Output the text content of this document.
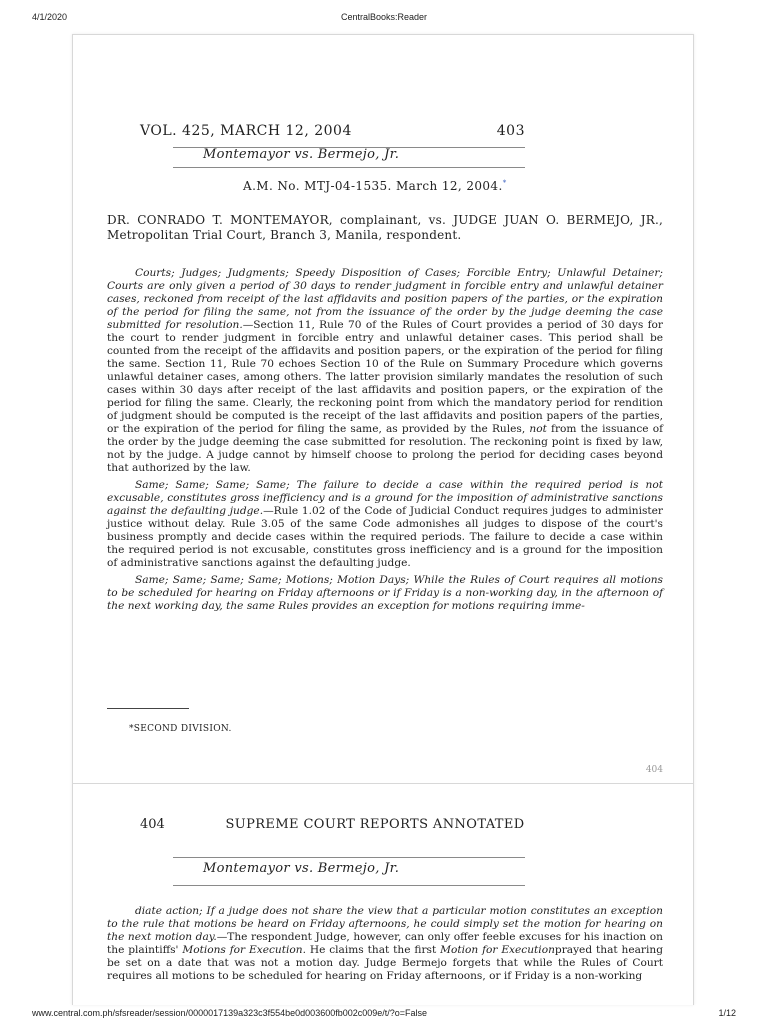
4/1/2020	CentralBooks:Reader
VOL. 425, MARCH 12, 2004	403
Montemayor vs. Bermejo, Jr.
A.M. No. MTJ-04-1535. March 12, 2004.*
DR. CONRADO T. MONTEMAYOR, complainant, vs. JUDGE JUAN O. BERMEJO, JR., Metropolitan Trial Court, Branch 3, Manila, respondent.

Courts; Judges; Judgments; Speedy Disposition of Cases; Forcible Entry; Unlawful Detainer; Courts are only given a period of 30 days to render judgment in forcible entry and unlawful detainer cases, reckoned from receipt of the last affidavits and position papers of the parties, or the expiration of the period for filing the same, not from the issuance of the order by the judge deeming the case submitted for resolution.—Section 11, Rule 70 of the Rules of Court provides a period of 30 days for the court to render judgment in forcible entry and unlawful detainer cases. This period shall be counted from the receipt of the affidavits and position papers, or the expiration of the period for filing the same. Section 11, Rule 70 echoes Section 10 of the Rule on Summary Procedure which governs unlawful detainer cases, among others. The latter provision similarly mandates the resolution of such cases within 30 days after receipt of the last affidavits and position papers, or the expiration of the period for filing the same. Clearly, the reckoning point from which the mandatory period for rendition of judgment should be computed is the receipt of the last affidavits and position papers of the parties, or the expiration of the period for filing the same, as provided by the Rules, not from the issuance of the order by the judge deeming the case submitted for resolution. The reckoning point is fixed by law, not by the judge. A judge cannot by himself choose to prolong the period for deciding cases beyond that authorized by the law.

Same; Same; Same; Same; The failure to decide a case within the required period is not excusable, constitutes gross inefficiency and is a ground for the imposition of administrative sanctions against the defaulting judge.—Rule 1.02 of the Code of Judicial Conduct requires judges to administer justice without delay. Rule 3.05 of the same Code admonishes all judges to dispose of the court's business promptly and decide cases within the required periods. The failure to decide a case within the required period is not excusable, constitutes gross inefficiency and is a ground for the imposition of administrative sanctions against the defaulting judge.

Same; Same; Same; Same; Motions; Motion Days; While the Rules of Court requires all motions to be scheduled for hearing on Friday afternoons or if Friday is a non-working day, in the afternoon of the next working day, the same Rules provides an exception for motions requiring imme-

*SECOND DIVISION.
404
404	SUPREME COURT REPORTS ANNOTATED
Montemayor vs. Bermejo, Jr.

diate action; If a judge does not share the view that a particular motion constitutes an exception to the rule that motions be heard on Friday afternoons, he could simply set the motion for hearing on the next motion day.—The respondent Judge, however, can only offer feeble excuses for his inaction on the plaintiffs' Motions for Execution. He claims that the first Motion for Executionprayed that hearing be set on a date that was not a motion day. Judge Bermejo forgets that while the Rules of Court requires all motions to be scheduled for hearing on Friday afternoons, or if Friday is a non-working

www.central.com.ph/sfsreader/session/0000017139a323c3f554be0d003600fb002c009e/t/?o=False	1/12
